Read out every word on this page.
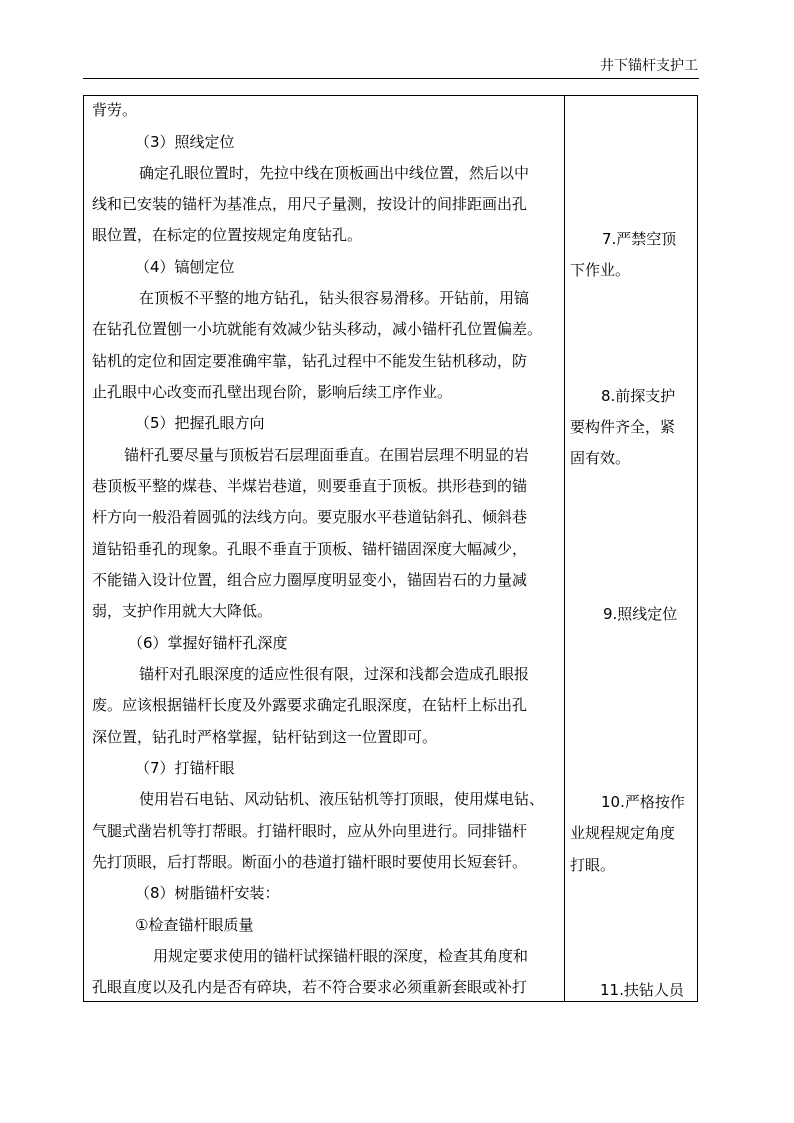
井下锚杆支护工
背劳。
（3）照线定位
确定孔眼位置时，先拉中线在顶板画出中线位置，然后以中
线和已安装的锚杆为基准点，用尺子量测，按设计的间排距画出孔
眼位置，在标定的位置按规定角度钻孔。
（4）镐刨定位
在顶板不平整的地方钻孔，钻头很容易滑移。开钻前，用镐
在钻孔位置刨一小坑就能有效减少钻头移动，减小锚杆孔位置偏差。
钻机的定位和固定要准确牢靠，钻孔过程中不能发生钻机移动，防
止孔眼中心改变而孔壁出现台阶，影响后续工序作业。
（5）把握孔眼方向
锚杆孔要尽量与顶板岩石层理面垂直。在围岩层理不明显的岩
巷顶板平整的煤巷、半煤岩巷道，则要垂直于顶板。拱形巷到的锚
杆方向一般沿着圆弧的法线方向。要克服水平巷道钻斜孔、倾斜巷
道钻铅垂孔的现象。孔眼不垂直于顶板、锚杆锚固深度大幅减少，
不能锚入设计位置，组合应力圈厚度明显变小，锚固岩石的力量减
弱，支护作用就大大降低。
（6）掌握好锚杆孔深度
锚杆对孔眼深度的适应性很有限，过深和浅都会造成孔眼报
废。应该根据锚杆长度及外露要求确定孔眼深度，在钻杆上标出孔
深位置，钻孔时严格掌握，钻杆钻到这一位置即可。
（7）打锚杆眼
使用岩石电钻、风动钻机、液压钻机等打顶眼，使用煤电钻、
气腿式凿岩机等打帮眼。打锚杆眼时，应从外向里进行。同排锚杆
先打顶眼，后打帮眼。断面小的巷道打锚杆眼时要使用长短套钎。
（8）树脂锚杆安装：
①检查锚杆眼质量
用规定要求使用的锚杆试探锚杆眼的深度，检查其角度和
孔眼直度以及孔内是否有碎块，若不符合要求必须重新套眼或补打
7.严禁空顶
下作业。
8.前探支护
要构件齐全，紧
固有效。
9.照线定位
10.严格按作
业规程规定角度
打眼。
11.扶钻人员
